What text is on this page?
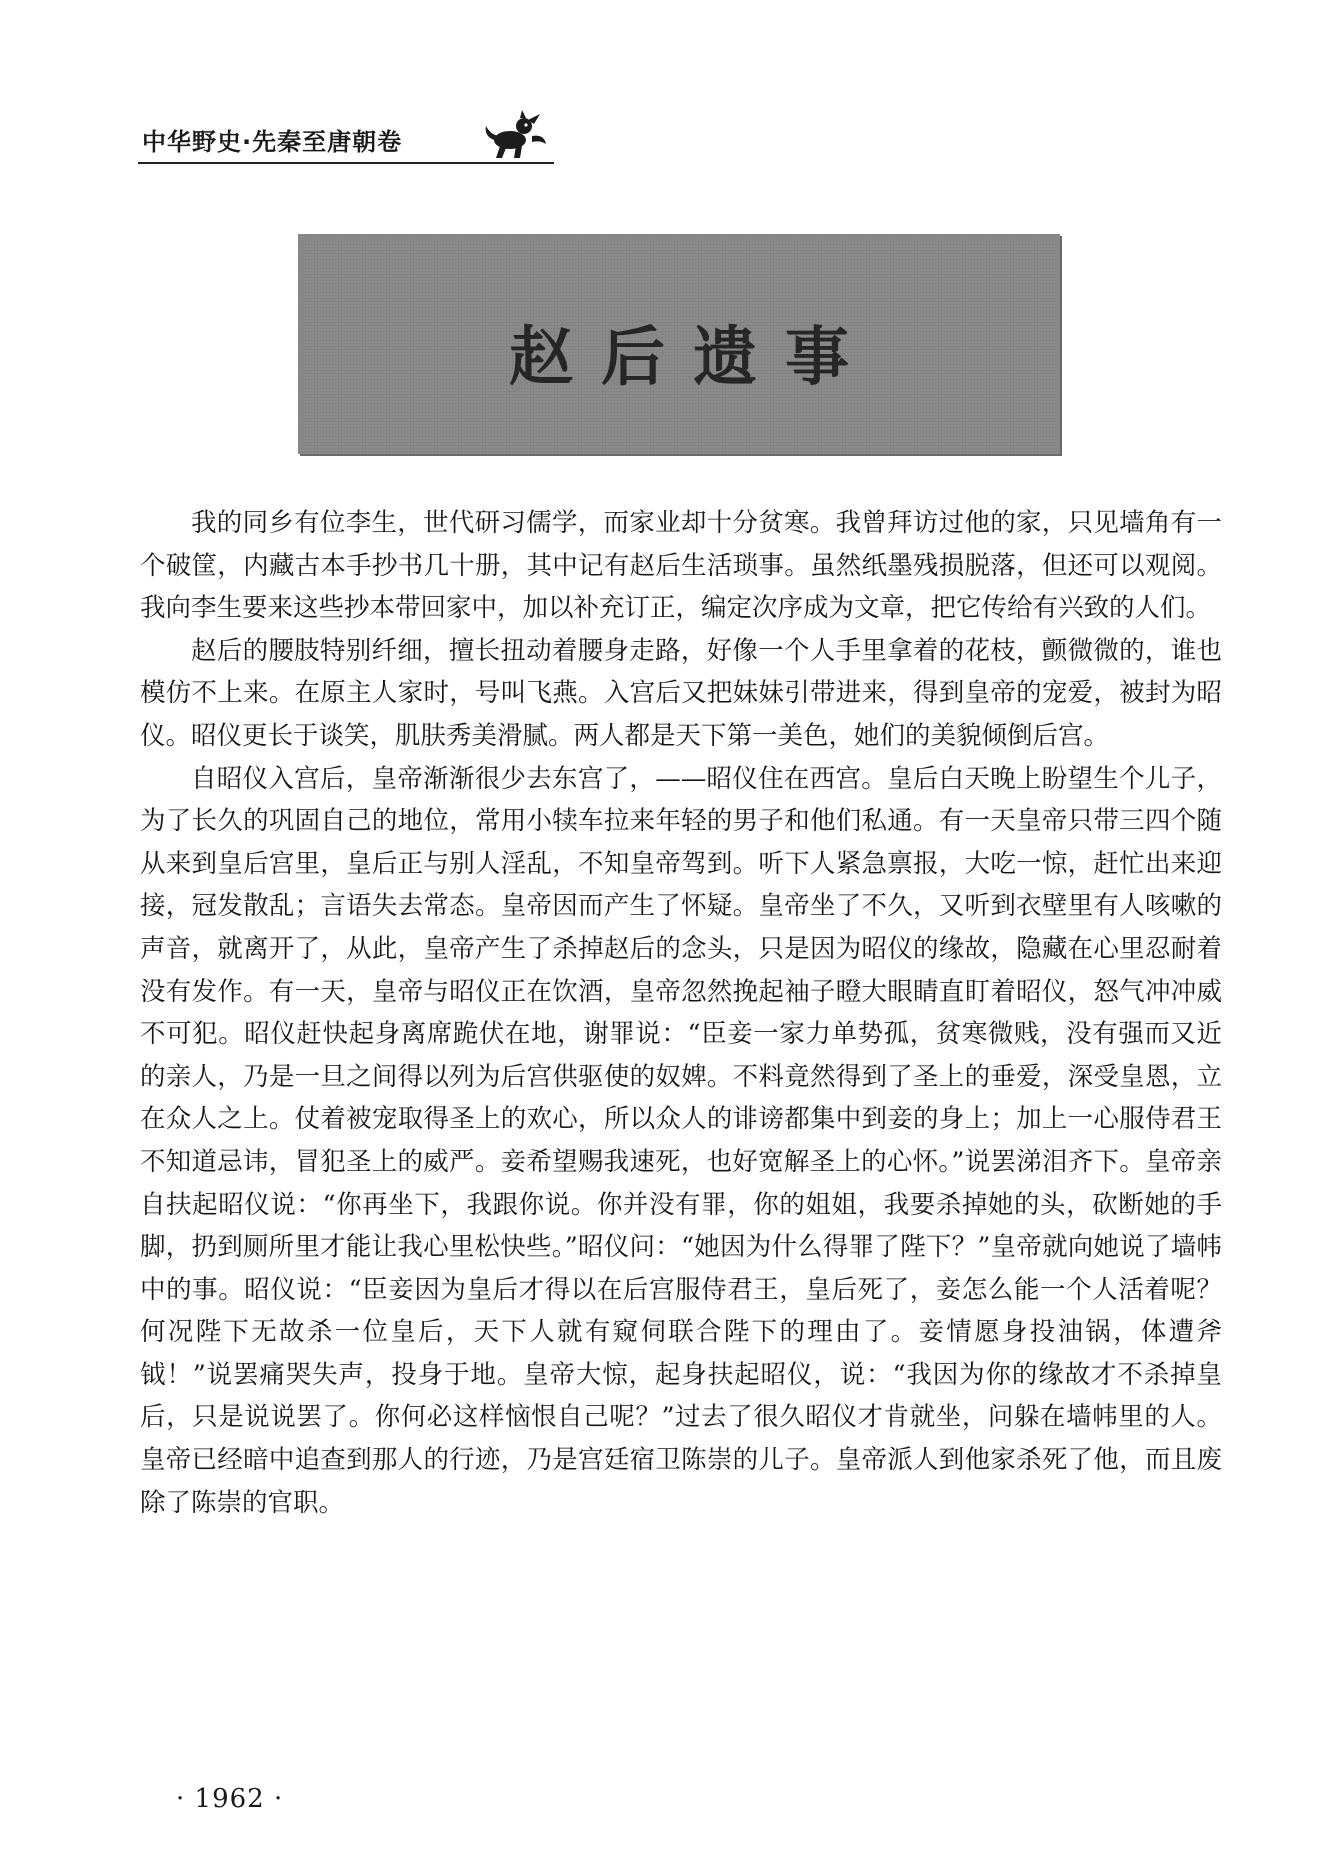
中华野史·先秦至唐朝卷
赵后遗事

我的同乡有位李生，世代研习儒学，而家业却十分贫寒。我曾拜访过他的家，只见墙角有一个破筐，内藏古本手抄书几十册，其中记有赵后生活琐事。虽然纸墨残损脱落，但还可以观阅。我向李生要来这些抄本带回家中，加以补充订正，编定次序成为文章，把它传给有兴致的人们。

赵后的腰肢特别纤细，擅长扭动着腰身走路，好像一个人手里拿着的花枝，颤微微的，谁也模仿不上来。在原主人家时，号叫飞燕。入宫后又把妹妹引带进来，得到皇帝的宠爱，被封为昭仪。昭仪更长于谈笑，肌肤秀美滑腻。两人都是天下第一美色，她们的美貌倾倒后宫。

自昭仪入宫后，皇帝渐渐很少去东宫了，——昭仪住在西宫。皇后白天晚上盼望生个儿子，为了长久的巩固自己的地位，常用小犊车拉来年轻的男子和他们私通。有一天皇帝只带三四个随从来到皇后宫里，皇后正与别人淫乱，不知皇帝驾到。听下人紧急禀报，大吃一惊，赶忙出来迎接，冠发散乱；言语失去常态。皇帝因而产生了怀疑。皇帝坐了不久，又听到衣壁里有人咳嗽的声音，就离开了，从此，皇帝产生了杀掉赵后的念头，只是因为昭仪的缘故，隐藏在心里忍耐着没有发作。有一天，皇帝与昭仪正在饮酒，皇帝忽然挽起袖子瞪大眼睛直盯着昭仪，怒气冲冲威不可犯。昭仪赶快起身离席跪伏在地，谢罪说：“臣妾一家力单势孤，贫寒微贱，没有强而又近的亲人，乃是一旦之间得以列为后宫供驱使的奴婢。不料竟然得到了圣上的垂爱，深受皇恩，立在众人之上。仗着被宠取得圣上的欢心，所以众人的诽谤都集中到妾的身上；加上一心服侍君王不知道忌讳，冒犯圣上的威严。妾希望赐我速死，也好宽解圣上的心怀。”说罢涕泪齐下。皇帝亲自扶起昭仪说：“你再坐下，我跟你说。你并没有罪，你的姐姐，我要杀掉她的头，砍断她的手脚，扔到厕所里才能让我心里松快些。”昭仪问：“她因为什么得罪了陛下？”皇帝就向她说了墙帏中的事。昭仪说：“臣妾因为皇后才得以在后宫服侍君王，皇后死了，妾怎么能一个人活着呢？何况陛下无故杀一位皇后，天下人就有窥伺联合陛下的理由了。妾情愿身投油锅，体遭斧钺！”说罢痛哭失声，投身于地。皇帝大惊，起身扶起昭仪，说：“我因为你的缘故才不杀掉皇后，只是说说罢了。你何必这样恼恨自己呢？”过去了很久昭仪才肯就坐，问躲在墙帏里的人。皇帝已经暗中追查到那人的行迹，乃是宫廷宿卫陈崇的儿子。皇帝派人到他家杀死了他，而且废除了陈崇的官职。

· 1962 ·
